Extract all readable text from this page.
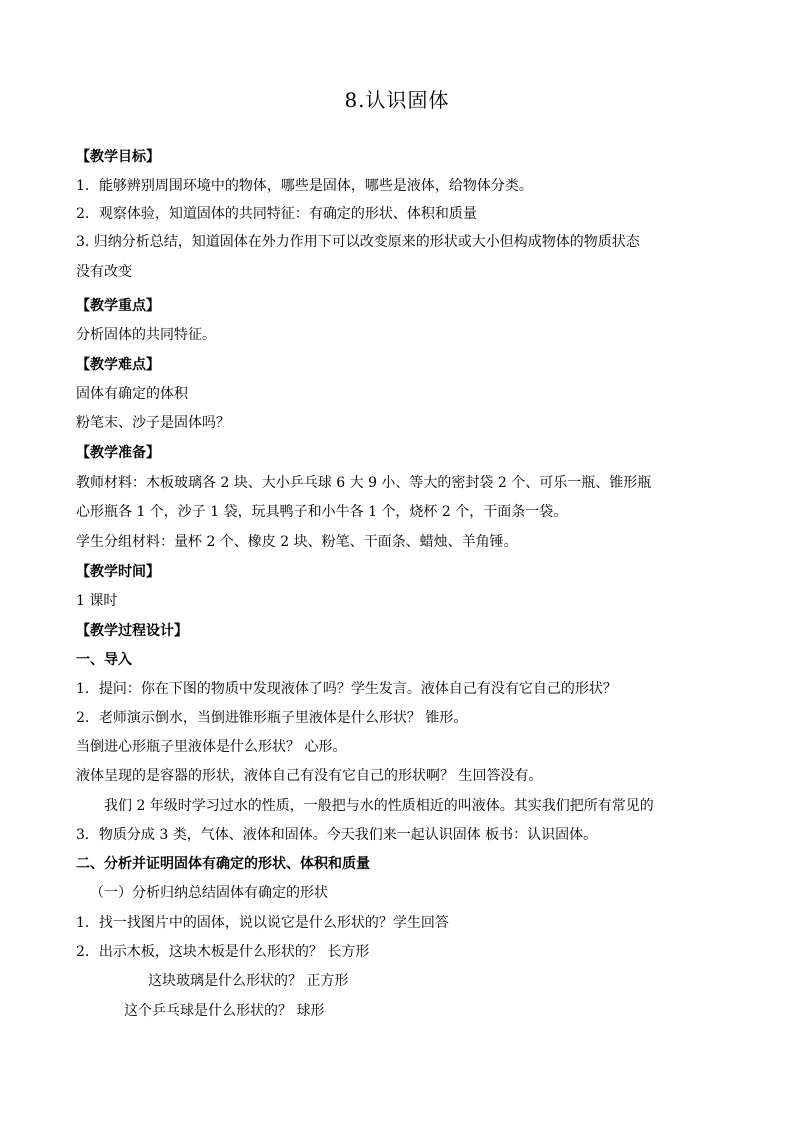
8.认识固体
【教学目标】
1．能够辨别周围环境中的物体，哪些是固体，哪些是液体，给物体分类。
2．观察体验，知道固体的共同特征：有确定的形状、体积和质量
3. 归纳分析总结，知道固体在外力作用下可以改变原来的形状或大小但构成物体的物质状态
没有改变
【教学重点】
分析固体的共同特征。
【教学难点】
固体有确定的体积
粉笔末、沙子是固体吗？
【教学准备】
教师材料：木板玻璃各 2 块、大小乒乓球 6 大 9 小、等大的密封袋 2 个、可乐一瓶、锥形瓶
心形瓶各 1 个，沙子 1 袋，玩具鸭子和小牛各 1 个，烧杯 2 个，干面条一袋。
学生分组材料：量杯 2 个、橡皮 2 块、粉笔、干面条、蜡烛、羊角锤。
【教学时间】
1 课时
【教学过程设计】
一、导入
1．提问：你在下图的物质中发现液体了吗？学生发言。液体自己有没有它自己的形状？
2．老师演示倒水，当倒进锥形瓶子里液体是什么形状？ 锥形。
当倒进心形瓶子里液体是什么形状？ 心形。
液体呈现的是容器的形状，液体自己有没有它自己的形状啊？ 生回答没有。
我们 2 年级时学习过水的性质，一般把与水的性质相近的叫液体。其实我们把所有常见的
3．物质分成 3 类，气体、液体和固体。今天我们来一起认识固体 板书：认识固体。
二、分析并证明固体有确定的形状、体积和质量
（一）分析归纳总结固体有确定的形状
1．找一找图片中的固体，说以说它是什么形状的？学生回答
2．出示木板，这块木板是什么形状的？ 长方形
这块玻璃是什么形状的？ 正方形
这个乒乓球是什么形状的？ 球形
